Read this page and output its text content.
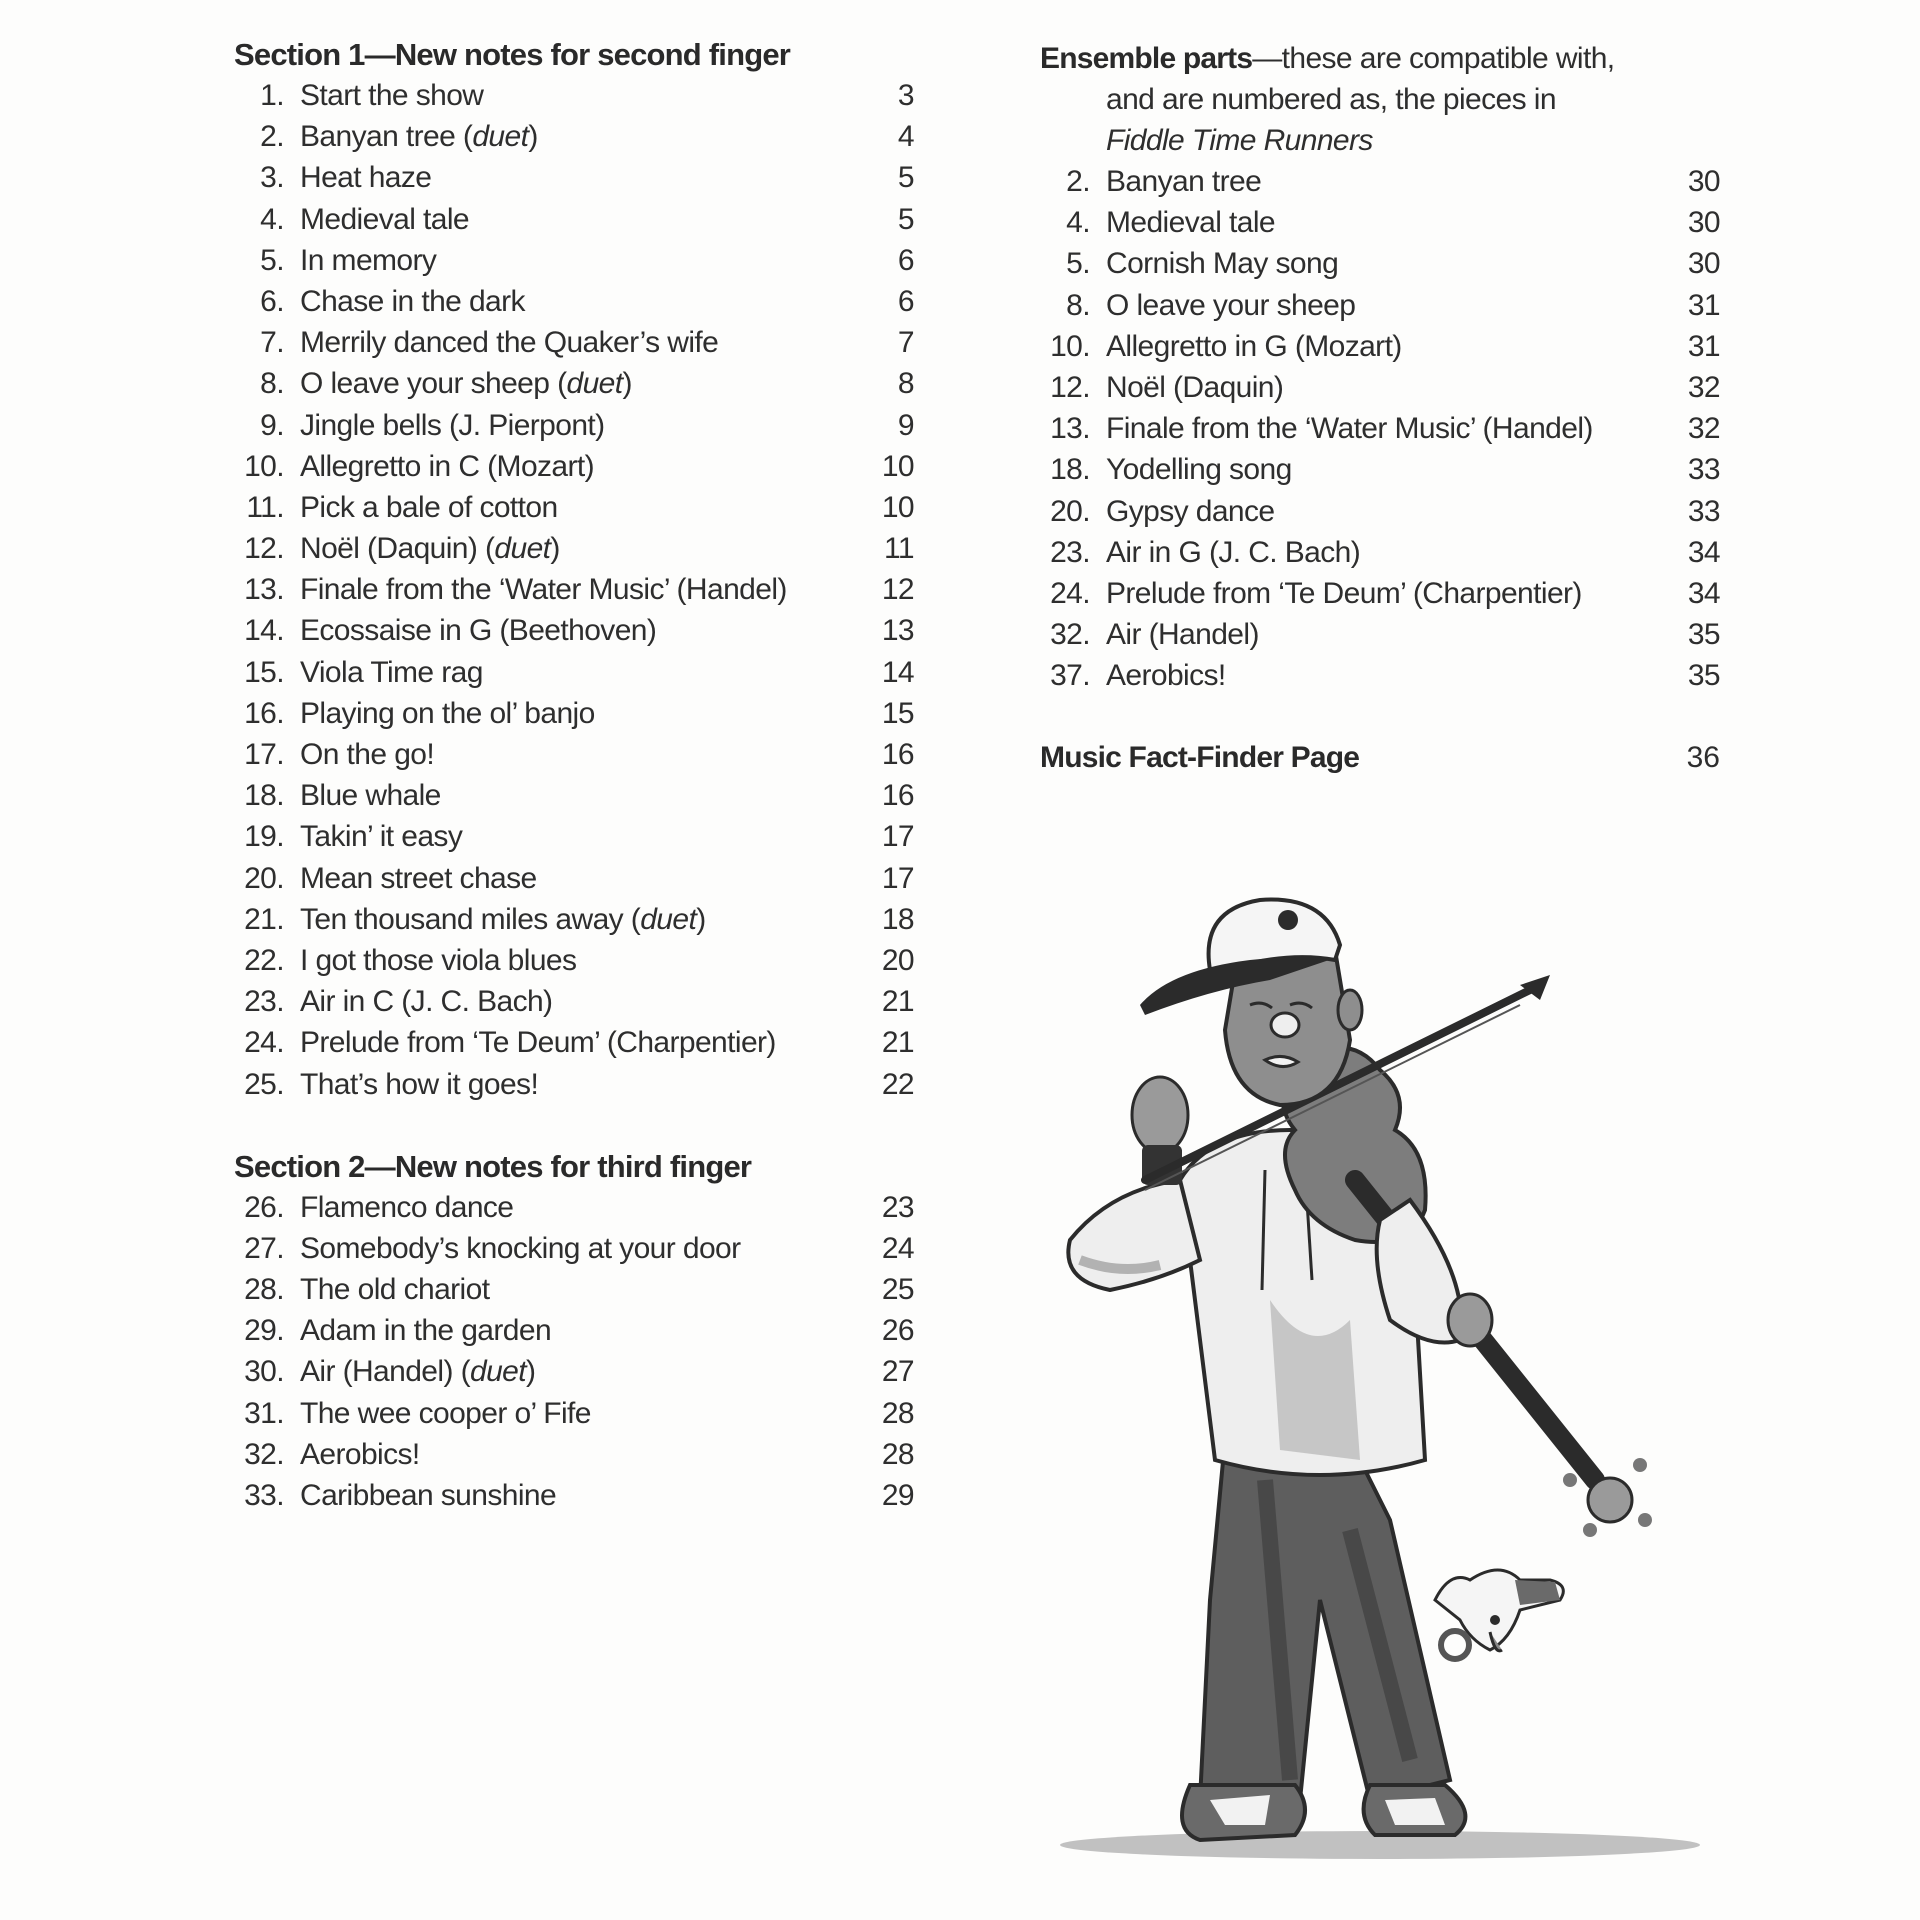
Section 1—New notes for second finger
1. Start the show	3
2. Banyan tree (duet)	4
3. Heat haze	5
4. Medieval tale	5
5. In memory	6
6. Chase in the dark	6
7. Merrily danced the Quaker’s wife	7
8. O leave your sheep (duet)	8
9. Jingle bells (J. Pierpont)	9
10. Allegretto in C (Mozart)	10
11. Pick a bale of cotton	10
12. Noël (Daquin) (duet)	11
13. Finale from the ‘Water Music’ (Handel)	12
14. Ecossaise in G (Beethoven)	13
15. Viola Time rag	14
16. Playing on the ol’ banjo	15
17. On the go!	16
18. Blue whale	16
19. Takin’ it easy	17
20. Mean street chase	17
21. Ten thousand miles away (duet)	18
22. I got those viola blues	20
23. Air in C (J. C. Bach)	21
24. Prelude from ‘Te Deum’ (Charpentier)	21
25. That’s how it goes!	22
Section 2—New notes for third finger
26. Flamenco dance	23
27. Somebody’s knocking at your door	24
28. The old chariot	25
29. Adam in the garden	26
30. Air (Handel) (duet)	27
31. The wee cooper o’ Fife	28
32. Aerobics!	28
33. Caribbean sunshine	29
Ensemble parts—these are compatible with,
and are numbered as, the pieces in
Fiddle Time Runners
2. Banyan tree	30
4. Medieval tale	30
5. Cornish May song	30
8. O leave your sheep	31
10. Allegretto in G (Mozart)	31
12. Noël (Daquin)	32
13. Finale from the ‘Water Music’ (Handel)	32
18. Yodelling song	33
20. Gypsy dance	33
23. Air in G (J. C. Bach)	34
24. Prelude from ‘Te Deum’ (Charpentier)	34
32. Air (Handel)	35
37. Aerobics!	35
Music Fact-Finder Page	36
